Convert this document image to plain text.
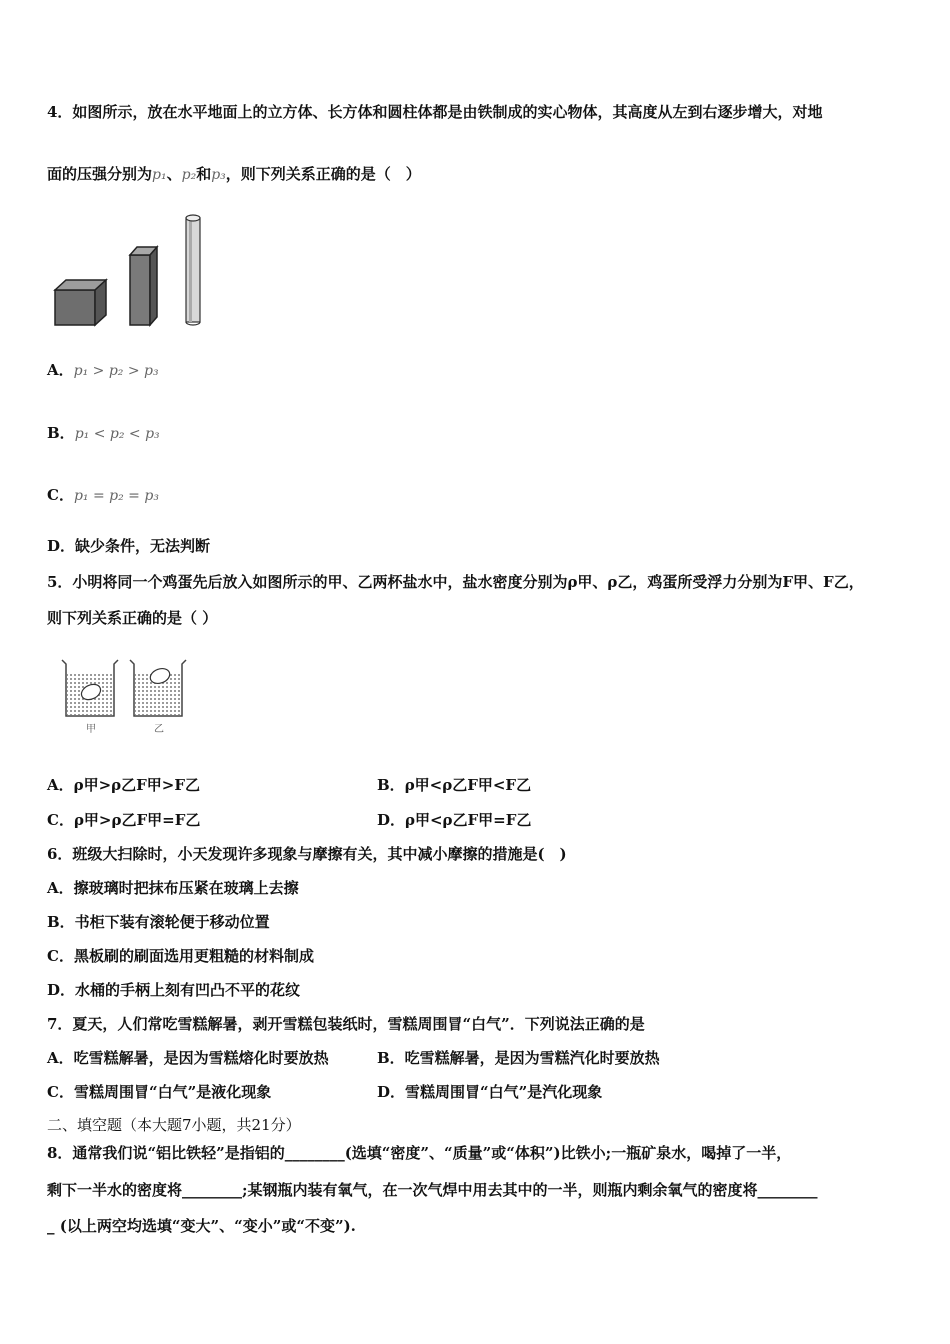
4．如图所示，放在水平地面上的立方体、长方体和圆柱体都是由铁制成的实心物体，其高度从左到右逐步增大，对地
面的压强分别为p₁、p₂和p₃，则下列关系正确的是（　）
A．p₁ > p₂ > p₃
B．p₁ < p₂ < p₃
C．p₁ = p₂ = p₃
D．缺少条件，无法判断
5．小明将同一个鸡蛋先后放入如图所示的甲、乙两杯盐水中，盐水密度分别为ρ甲、ρ乙，鸡蛋所受浮力分别为F甲、F乙，
则下列关系正确的是（ ）
甲	乙
A．ρ甲>ρ乙F甲>F乙	B．ρ甲<ρ乙F甲<F乙
C．ρ甲>ρ乙F甲=F乙	D．ρ甲<ρ乙F甲=F乙
6．班级大扫除时，小天发现许多现象与摩擦有关，其中减小摩擦的措施是(　)
A．擦玻璃时把抹布压紧在玻璃上去擦
B．书柜下装有滚轮便于移动位置
C．黑板刷的刷面选用更粗糙的材料制成
D．水桶的手柄上刻有凹凸不平的花纹
7．夏天，人们常吃雪糕解暑，剥开雪糕包装纸时，雪糕周围冒“白气”．下列说法正确的是
A．吃雪糕解暑，是因为雪糕熔化时要放热	B．吃雪糕解暑，是因为雪糕汽化时要放热
C．雪糕周围冒“白气”是液化现象	D．雪糕周围冒“白气”是汽化现象
二、填空题（本大题7小题，共21分）
8．通常我们说“铝比铁轻”是指铝的________(选填“密度”、“质量”或“体积”)比铁小;一瓶矿泉水，喝掉了一半，
剩下一半水的密度将________;某钢瓶内装有氧气，在一次气焊中用去其中的一半，则瓶内剩余氧气的密度将________
_ (以上两空均选填“变大”、“变小”或“不变”).
